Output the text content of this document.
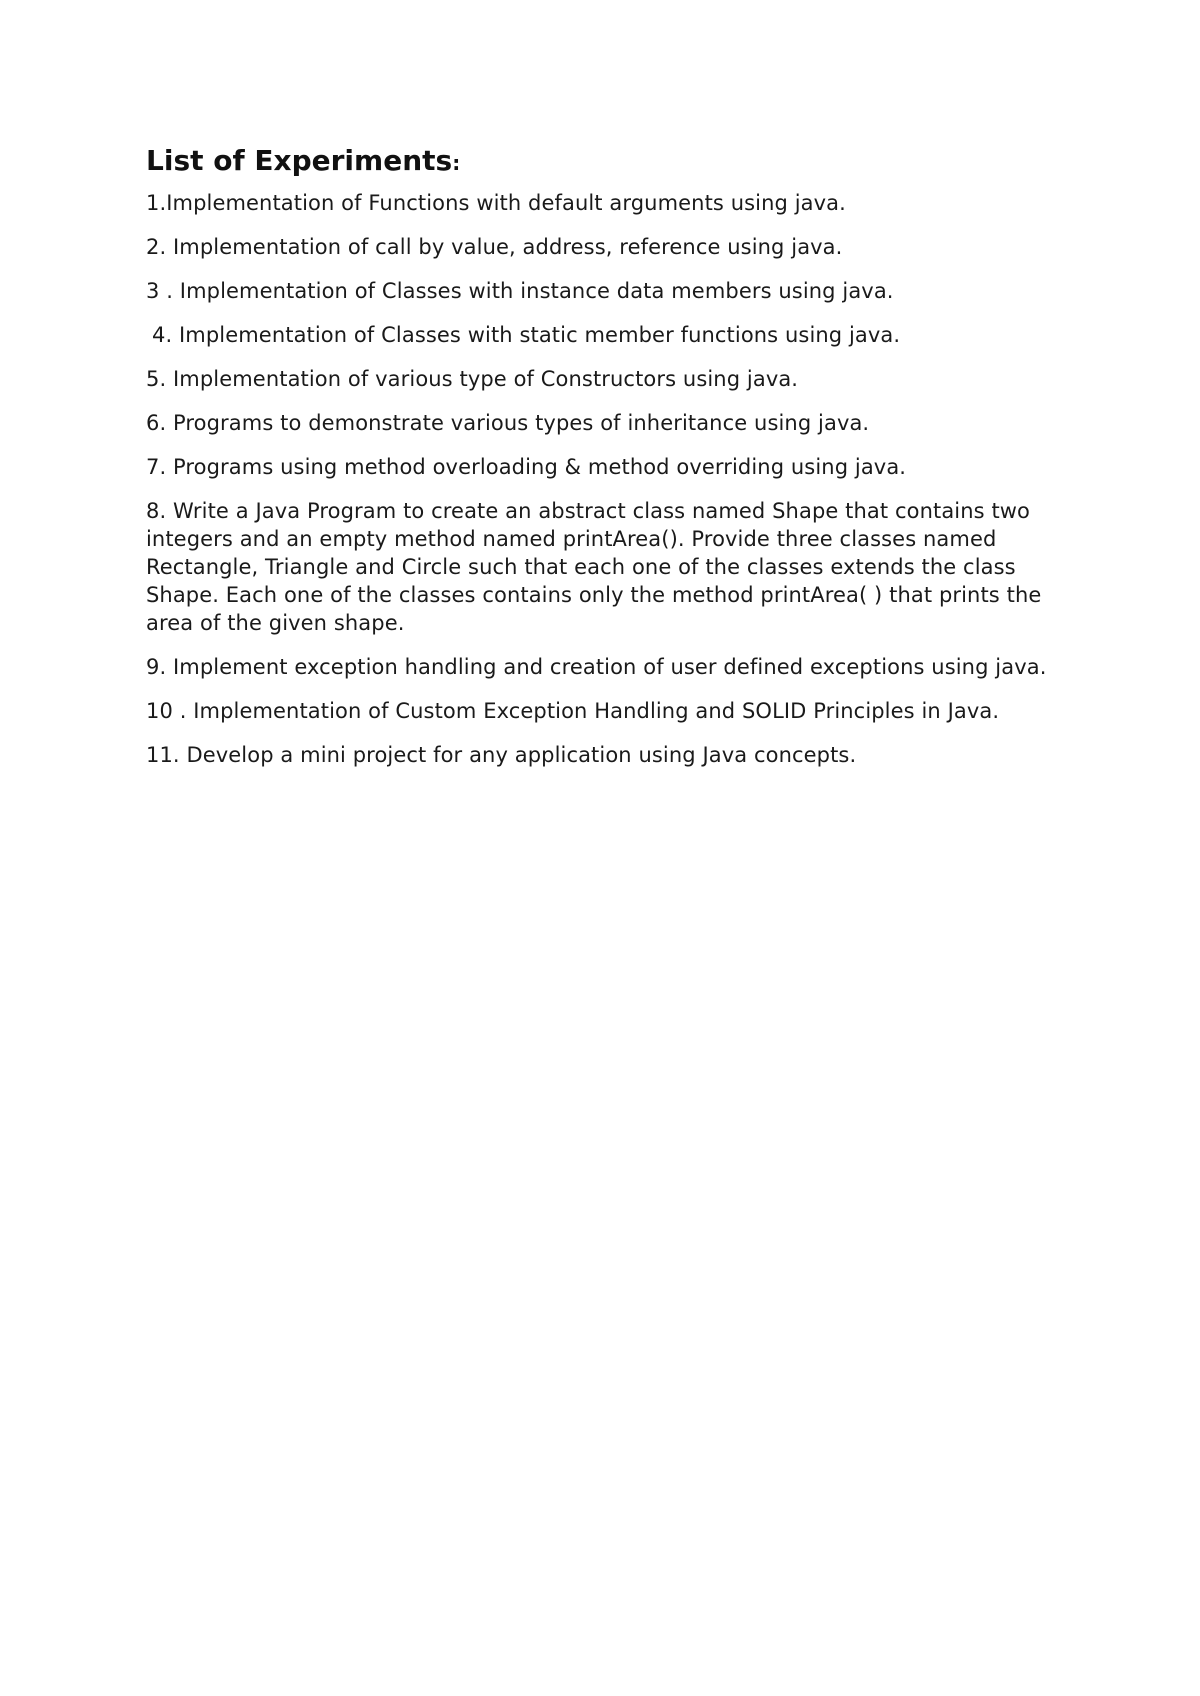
List of Experiments:

1.Implementation of Functions with default arguments using java.

2. Implementation of call by value, address, reference using java.

3 . Implementation of Classes with instance data members using java.

4. Implementation of Classes with static member functions using java.

5. Implementation of various type of Constructors using java.

6. Programs to demonstrate various types of inheritance using java.

7. Programs using method overloading & method overriding using java.

8. Write a Java Program to create an abstract class named Shape that contains two integers and an empty method named printArea(). Provide three classes named Rectangle, Triangle and Circle such that each one of the classes extends the class Shape. Each one of the classes contains only the method printArea( ) that prints the area of the given shape.

9. Implement exception handling and creation of user defined exceptions using java.

10 . Implementation of Custom Exception Handling and SOLID Principles in Java.

11. Develop a mini project for any application using Java concepts.
